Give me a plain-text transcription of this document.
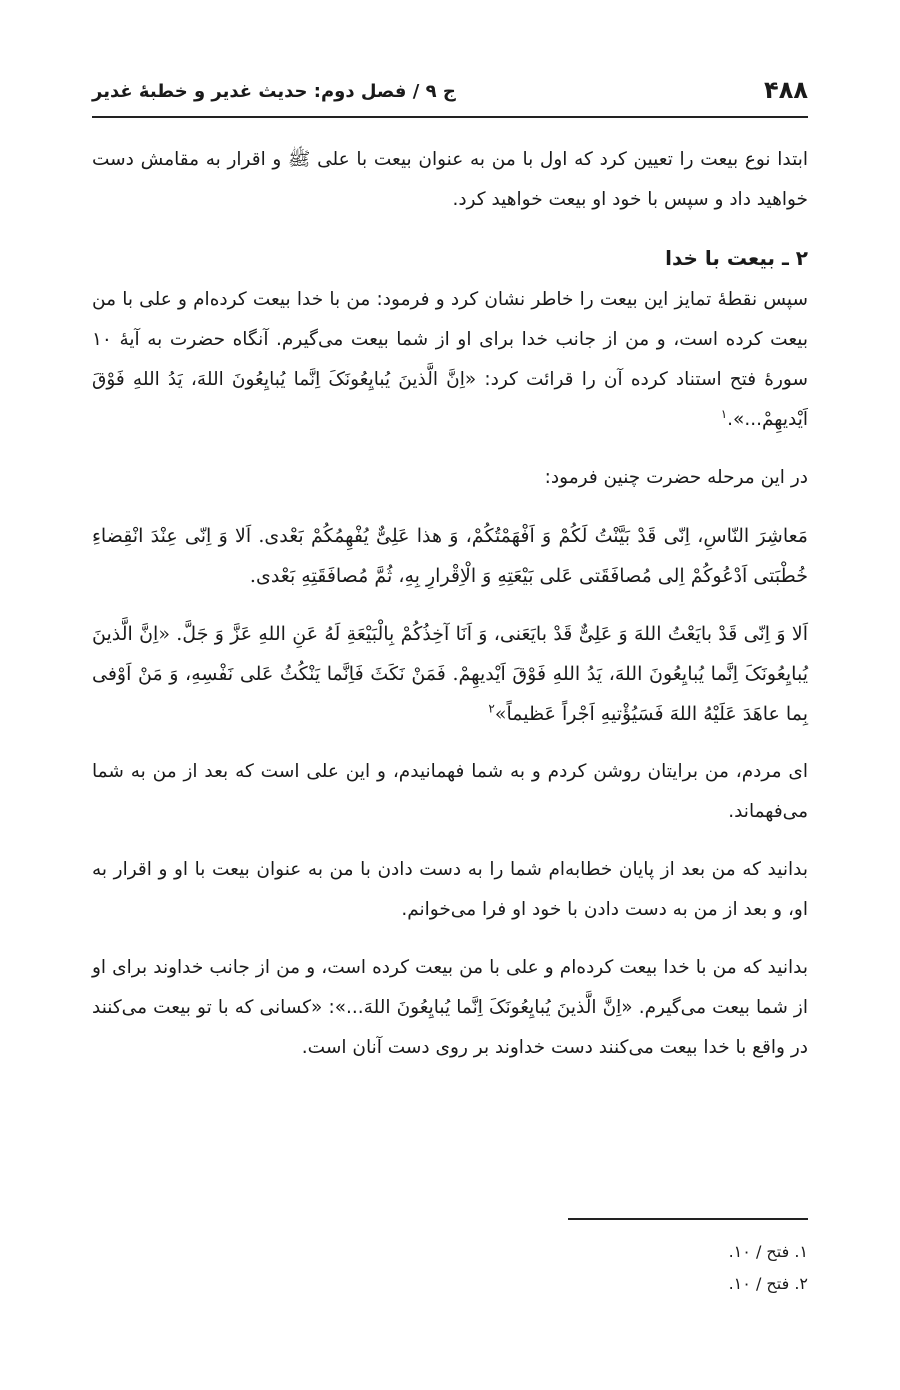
۴۸۸
ج ۹ / فصل دوم: حدیث غدیر و خطبهٔ غدیر

ابتدا نوع بیعت را تعیین کرد که اول با من به عنوان بیعت با علی ﷺ و اقرار به مقامش دست خواهید داد و سپس با خود او بیعت خواهید کرد.

۲ ـ بیعت با خدا

سپس نقطهٔ تمایز این بیعت را خاطر نشان کرد و فرمود: من با خدا بیعت کرده‌ام و علی با من بیعت کرده است، و من از جانب خدا برای او از شما بیعت می‌گیرم. آنگاه حضرت به آیهٔ ۱۰ سورهٔ فتح استناد کرده آن را قرائت کرد: «اِنَّ الَّذینَ یُبایِعُونَکَ اِنَّما یُبایِعُونَ اللهَ، یَدُ اللهِ فَوْقَ اَیْدیهِمْ...».$^۱$

در این مرحله حضرت چنین فرمود:

مَعاشِرَ النّاسِ، اِنّی قَدْ بَیَّنْتُ لَکُمْ وَ اَفْهَمْتُکُمْ، وَ هذا عَلِیٌّ یُفْهِمُکُمْ بَعْدی. اَلا وَ اِنّی عِنْدَ انْقِضاءِ خُطْبَتی اَدْعُوکُمْ اِلی مُصافَقَتی عَلی بَیْعَتِهِ وَ الْاِقْرارِ بِهِ، ثُمَّ مُصافَقَتِهِ بَعْدی.

اَلا وَ اِنّی قَدْ بایَعْتُ اللهَ وَ عَلِیٌّ قَدْ بایَعَنی، وَ اَنَا آخِذُکُمْ بِالْبَیْعَةِ لَهُ عَنِ اللهِ عَزَّ وَ جَلَّ. «اِنَّ الَّذینَ یُبایِعُونَکَ اِنَّما یُبایِعُونَ اللهَ، یَدُ اللهِ فَوْقَ اَیْدیهِمْ. فَمَنْ نَکَثَ فَاِنَّما یَنْکُثُ عَلی نَفْسِهِ، وَ مَنْ اَوْفی بِما عاهَدَ عَلَیْهُ اللهَ فَسَیُؤْتیهِ اَجْراً عَظیماً»$^۲$

ای مردم، من برایتان روشن کردم و به شما فهمانیدم، و این علی است که بعد از من به شما می‌فهماند.

بدانید که من بعد از پایان خطابه‌ام شما را به دست دادن با من به عنوان بیعت با او و اقرار به او، و بعد از من به دست دادن با خود او فرا می‌خوانم.

بدانید که من با خدا بیعت کرده‌ام و علی با من بیعت کرده است، و من از جانب خداوند برای او از شما بیعت می‌گیرم. «اِنَّ الَّذینَ یُبایِعُونَکَ اِنَّما یُبایِعُونَ اللهَ...»: «کسانی که با تو بیعت می‌کنند در واقع با خدا بیعت می‌کنند دست خداوند بر روی دست آنان است.

۱. فتح / ۱۰.

۲. فتح / ۱۰.
